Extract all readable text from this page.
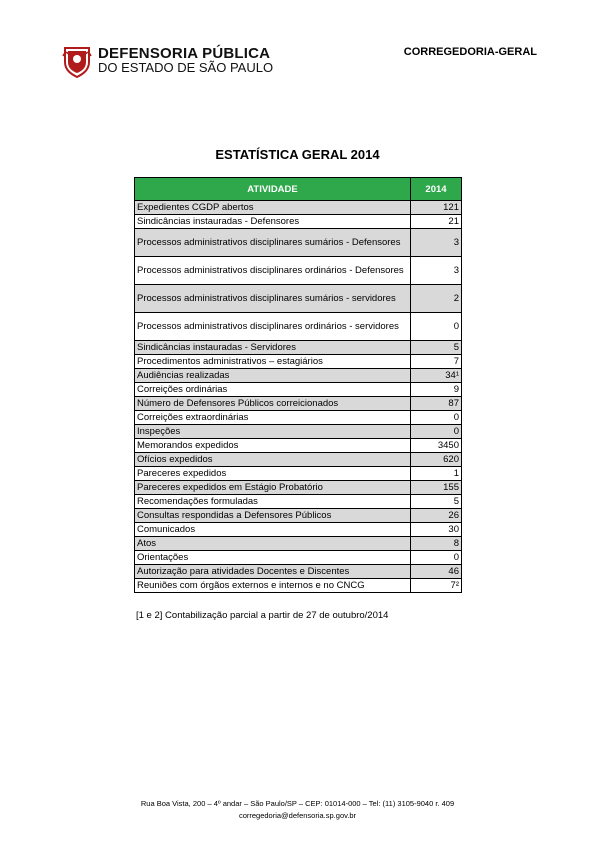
DEFENSORIA PÚBLICA
DO ESTADO DE SÃO PAULO
CORREGEDORIA-GERAL
ESTATÍSTICA GERAL 2014
ATIVIDADE	2014
Expedientes CGDP abertos	121
Sindicâncias instauradas - Defensores	21
Processos administrativos disciplinares sumários - Defensores	3
Processos administrativos disciplinares ordinários - Defensores	3
Processos administrativos disciplinares sumários - servidores	2
Processos administrativos disciplinares ordinários - servidores	0
Sindicâncias instauradas - Servidores	5
Procedimentos administrativos – estagiários	7
Audiências realizadas	34¹
Correições ordinárias	9
Número de Defensores Públicos correicionados	87
Correições extraordinárias	0
Inspeções	0
Memorandos expedidos	3450
Ofícios expedidos	620
Pareceres expedidos	1
Pareceres expedidos em Estágio Probatório	155
Recomendações formuladas	5
Consultas respondidas a Defensores Públicos	26
Comunicados	30
Atos	8
Orientações	0
Autorização para atividades Docentes e Discentes	46
Reuniões com órgãos externos e internos e no CNCG	7²
[1 e 2] Contabilização parcial a partir de 27 de outubro/2014
Rua Boa Vista, 200 – 4º andar – São Paulo/SP – CEP: 01014-000 – Tel: (11) 3105-9040 r. 409
corregedoria@defensoria.sp.gov.br
